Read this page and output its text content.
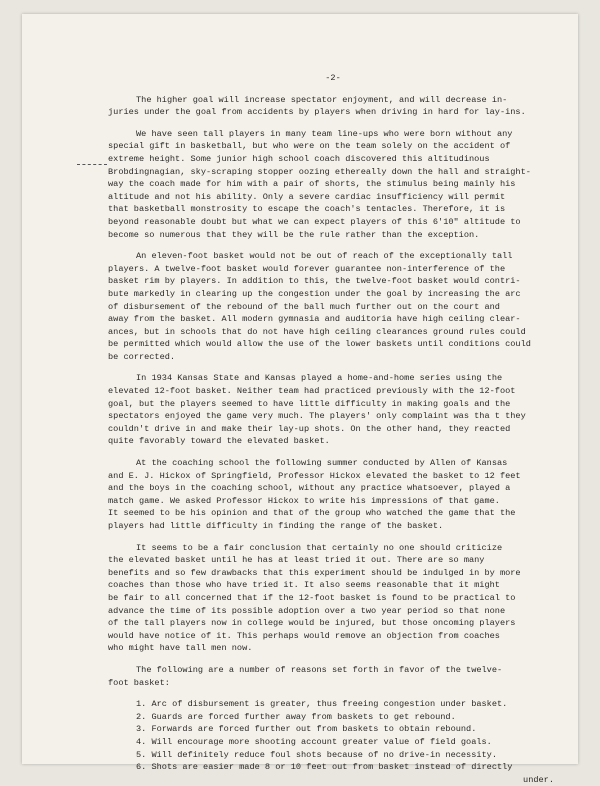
-2-

The higher goal will increase spectator enjoyment, and will decrease in-
juries under the goal from accidents by players when driving in hard for lay-ins.

We have seen tall players in many team line-ups who were born without any
special gift in basketball, but who were on the team solely on the accident of
extreme height. Some junior high school coach discovered this altitudinous
Brobdingnagian, sky-scraping stopper oozing ethereally down the hall and straight-
way the coach made for him with a pair of shorts, the stimulus being mainly his
altitude and not his ability. Only a severe cardiac insufficiency will permit
that basketball monstrosity to escape the coach's tentacles. Therefore, it is
beyond reasonable doubt but what we can expect players of this 6'10" altitude to
become so numerous that they will be the rule rather than the exception.

An eleven-foot basket would not be out of reach of the exceptionally tall
players. A twelve-foot basket would forever guarantee non-interference of the
basket rim by players. In addition to this, the twelve-foot basket would contri-
bute markedly in clearing up the congestion under the goal by increasing the arc
of disbursement of the rebound of the ball much further out on the court and
away from the basket. All modern gymnasia and auditoria have high ceiling clear-
ances, but in schools that do not have high ceiling clearances ground rules could
be permitted which would allow the use of the lower baskets until conditions could
be corrected.

In 1934 Kansas State and Kansas played a home-and-home series using the
elevated 12-foot basket. Neither team had practiced previously with the 12-foot
goal, but the players seemed to have little difficulty in making goals and the
spectators enjoyed the game very much. The players' only complaint was tha t they
couldn't drive in and make their lay-up shots. On the other hand, they reacted
quite favorably toward the elevated basket.

At the coaching school the following summer conducted by Allen of Kansas
and E. J. Hickox of Springfield, Professor Hickox elevated the basket to 12 feet
and the boys in the coaching school, without any practice whatsoever, played a
match game. We asked Professor Hickox to write his impressions of that game.
It seemed to be his opinion and that of the group who watched the game that the
players had little difficulty in finding the range of the basket.

It seems to be a fair conclusion that certainly no one should criticize
the elevated basket until he has at least tried it out. There are so many
benefits and so few drawbacks that this experiment should be indulged in by more
coaches than those who have tried it. It also seems reasonable that it might
be fair to all concerned that if the 12-foot basket is found to be practical to
advance the time of its possible adoption over a two year period so that none
of the tall players now in college would be injured, but those oncoming players
would have notice of it. This perhaps would remove an objection from coaches
who might have tall men now.

The following are a number of reasons set forth in favor of the twelve-
foot basket:

1. Arc of disbursement is greater, thus freeing congestion under basket.
2. Guards are forced further away from baskets to get rebound.
3. Forwards are forced further out from baskets to obtain rebound.
4. Will encourage more shooting account greater value of field goals.
5. Will definitely reduce foul shots because of no drive-in necessity.
6. Shots are easier made 8 or 10 feet out from basket instead of directly
under.
